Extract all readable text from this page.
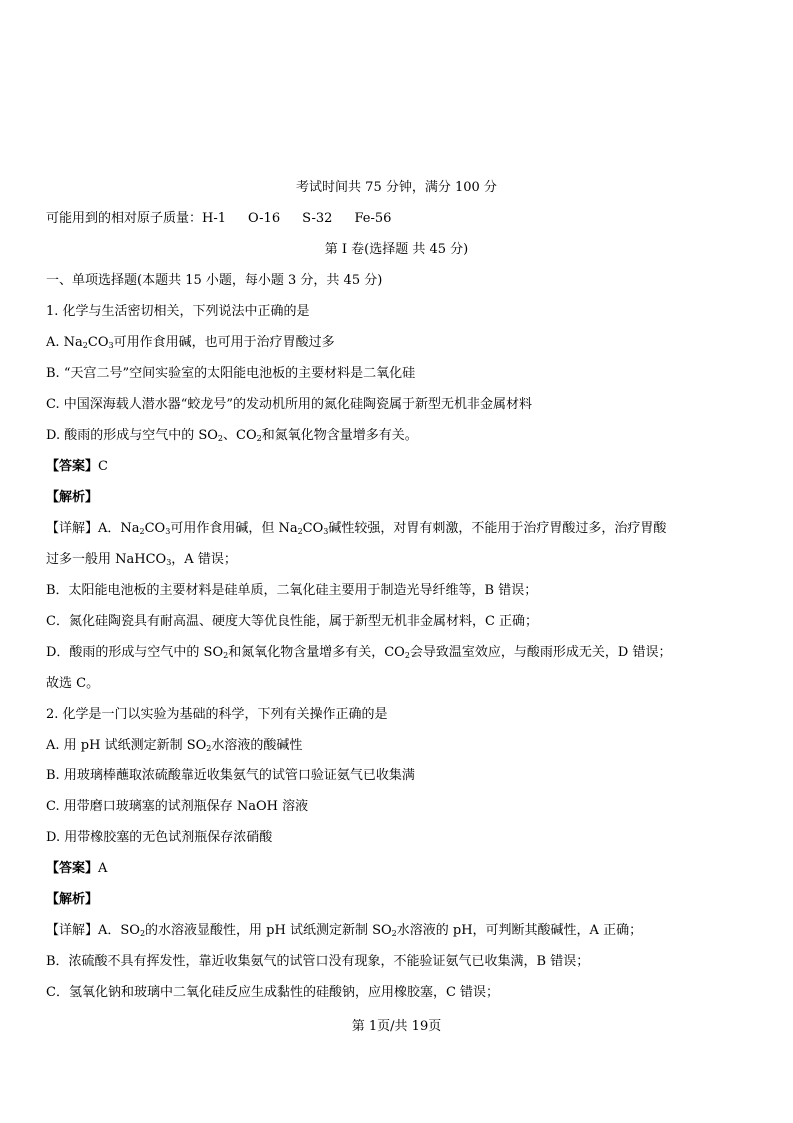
考试时间共 75 分钟，满分 100 分
可能用到的相对原子质量：H-1 O-16 S-32 Fe-56
第 I 卷(选择题 共 45 分)
一、单项选择题(本题共 15 小题，每小题 3 分，共 45 分)
1. 化学与生活密切相关，下列说法中正确的是
A. $Na_2CO_3$可用作食用碱，也可用于治疗胃酸过多
B. “天宫二号”空间实验室的太阳能电池板的主要材料是二氧化硅
C. 中国深海载人潜水器“蛟龙号”的发动机所用的氮化硅陶瓷属于新型无机非金属材料
D. 酸雨的形成与空气中的 $SO_2$、$CO_2$和氮氧化物含量增多有关。
【答案】C
【解析】
【详解】A．$Na_2CO_3$可用作食用碱，但 $Na_2CO_3$碱性较强，对胃有刺激，不能用于治疗胃酸过多，治疗胃酸
过多一般用 NaHCO$_3$，A 错误；
B．太阳能电池板的主要材料是硅单质，二氧化硅主要用于制造光导纤维等，B 错误；
C．氮化硅陶瓷具有耐高温、硬度大等优良性能，属于新型无机非金属材料，C 正确；
D．酸雨的形成与空气中的 $SO_2$和氮氧化物含量增多有关，$CO_2$会导致温室效应，与酸雨形成无关，D 错误；
故选 C。
2. 化学是一门以实验为基础的科学，下列有关操作正确的是
A. 用 pH 试纸测定新制 $SO_2$水溶液的酸碱性
B. 用玻璃棒蘸取浓硫酸靠近收集氨气的试管口验证氨气已收集满
C. 用带磨口玻璃塞的试剂瓶保存 NaOH 溶液
D. 用带橡胶塞的无色试剂瓶保存浓硝酸
【答案】A
【解析】
【详解】A．$SO_2$的水溶液显酸性，用 pH 试纸测定新制 $SO_2$水溶液的 pH，可判断其酸碱性，A 正确；
B．浓硫酸不具有挥发性，靠近收集氨气的试管口没有现象，不能验证氨气已收集满，B 错误；
C．氢氧化钠和玻璃中二氧化硅反应生成黏性的硅酸钠，应用橡胶塞，C 错误；
第 1页/共 19页
